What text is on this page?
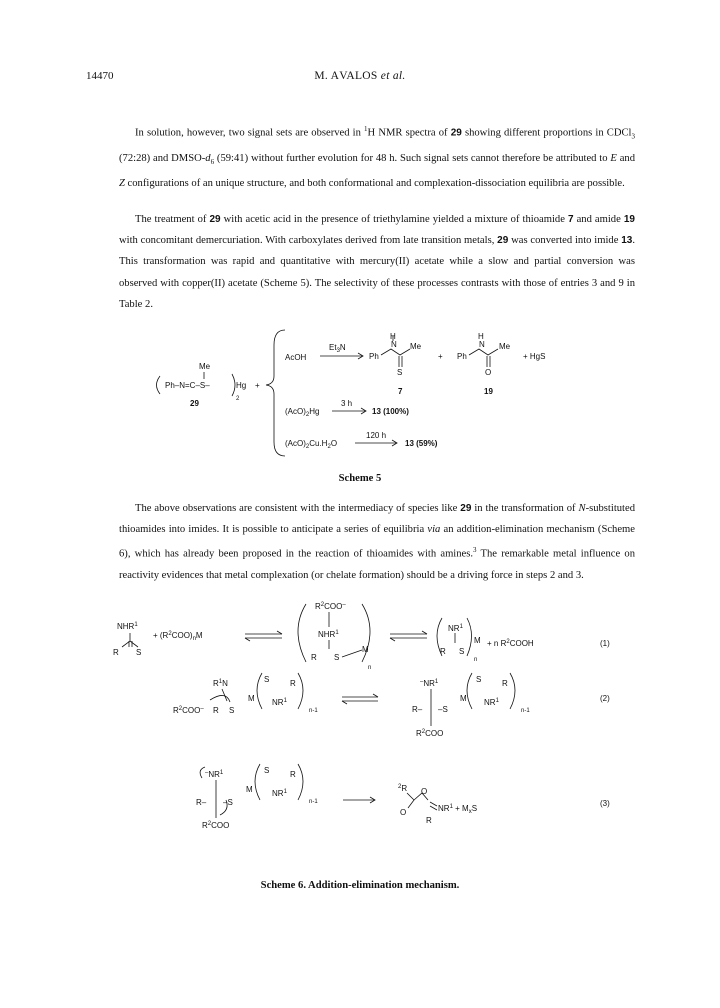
14470	M. AVALOS et al.

In solution, however, two signal sets are observed in $^1$H NMR spectra of 29 showing different proportions in CDCl$_3$ (72:28) and DMSO-$d_6$ (59:41) without further evolution for 48 h. Such signal sets cannot therefore be attributed to E and Z configurations of an unique structure, and both conformational and complexation-dissociation equilibria are possible.

The treatment of 29 with acetic acid in the presence of triethylamine yielded a mixture of thioamide 7 and amide 19 with concomitant demercuriation. With carboxylates derived from late transition metals, 29 was converted into imide 13. This transformation was rapid and quantitative with mercury(II) acetate while a slow and partial conversion was observed with copper(II) acetate (Scheme 5). The selectivity of these processes contrasts with those of entries 3 and 9 in Table 2.

The above observations are consistent with the intermediacy of species like 29 in the transformation of N-substituted thioamides into imides. It is possible to anticipate a series of equilibria via an addition-elimination mechanism (Scheme 6), which has already been proposed in the reaction of thioamides with amines.$^3$ The remarkable metal influence on reactivity evidences that metal complexation (or chelate formation) should be a driving force in steps 2 and 3.

Ph–N=C–S–	Hg
Me
2
29
+
AcOH
$Et_3N$
Ph
N
H
Me
S
7
+ Ph
N
H
Me
O
19
+ HgS
$(AcO)_2Hg$
3 h
13 (100%)
$(AcO)_2Cu.H_2O$
120 h
13 (59%)
Scheme 5
NHR$^1$
R S
+ $(R^2COO)_nM$
$R^2COO^-$
NHR$^1$
R S
M
n
$NR^1$
R S
M
n
+ n $R^2COOH$	(1)
$R^1N$
$R^2COO^-$ R S
M
S	R
$NR^1$
n-1
$^-NR^1$
R– –S
$R^2COO$
M
S	R
$NR^1$
n-1
(2)
$^-NR^1$
R– –S
$R^2COO$
M
S	R
$NR^1$
n-1
$^2$R O
O
R
$NR^1 + M_xS$
(3)
Scheme 6. Addition-elimination mechanism.
